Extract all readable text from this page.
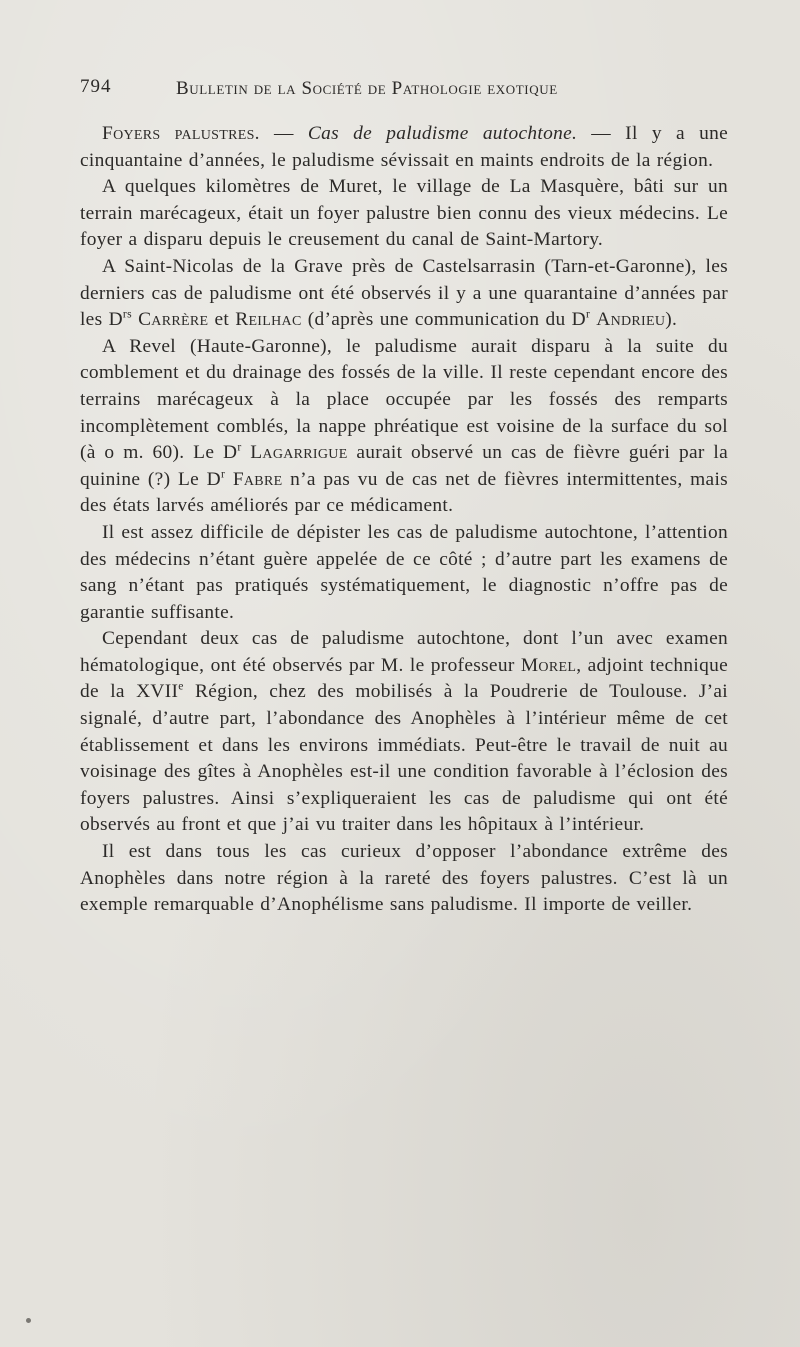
794	Bulletin de la Société de Pathologie exotique

Foyers palustres. — Cas de paludisme autochtone. — Il y a une cinquantaine d’années, le paludisme sévissait en maints endroits de la région.

A quelques kilomètres de Muret, le village de La Masquère, bâti sur un terrain marécageux, était un foyer palustre bien connu des vieux médecins. Le foyer a disparu depuis le creusement du canal de Saint-Martory.

A Saint-Nicolas de la Grave près de Castelsarrasin (Tarn-et-Garonne), les derniers cas de paludisme ont été observés il y a une quarantaine d’années par les $D^{rs}$ Carrère et Reilhac (d’après une communication du $D^r$ Andrieu).

A Revel (Haute-Garonne), le paludisme aurait disparu à la suite du comblement et du drainage des fossés de la ville. Il reste cependant encore des terrains marécageux à la place occupée par les fossés des remparts incomplètement comblés, la nappe phréatique est voisine de la surface du sol (à o m. 60). Le $D^r$ Lagarrigue aurait observé un cas de fièvre guéri par la quinine (?) Le $D^r$ Fabre n’a pas vu de cas net de fièvres intermittentes, mais des états larvés améliorés par ce médicament.

Il est assez difficile de dépister les cas de paludisme autochtone, l’attention des médecins n’étant guère appelée de ce côté ; d’autre part les examens de sang n’étant pas pratiqués systématiquement, le diagnostic n’offre pas de garantie suffisante.

Cependant deux cas de paludisme autochtone, dont l’un avec examen hématologique, ont été observés par M. le professeur Morel, adjoint technique de la XVIIe Région, chez des mobilisés à la Poudrerie de Toulouse. J’ai signalé, d’autre part, l’abondance des Anophèles à l’intérieur même de cet établissement et dans les environs immédiats. Peut-être le travail de nuit au voisinage des gîtes à Anophèles est-il une condition favorable à l’éclosion des foyers palustres. Ainsi s’expliqueraient les cas de paludisme qui ont été observés au front et que j’ai vu traiter dans les hôpitaux à l’intérieur.

Il est dans tous les cas curieux d’opposer l’abondance extrême des Anophèles dans notre région à la rareté des foyers palustres. C’est là un exemple remarquable d’Anophélisme sans paludisme. Il importe de veiller.
